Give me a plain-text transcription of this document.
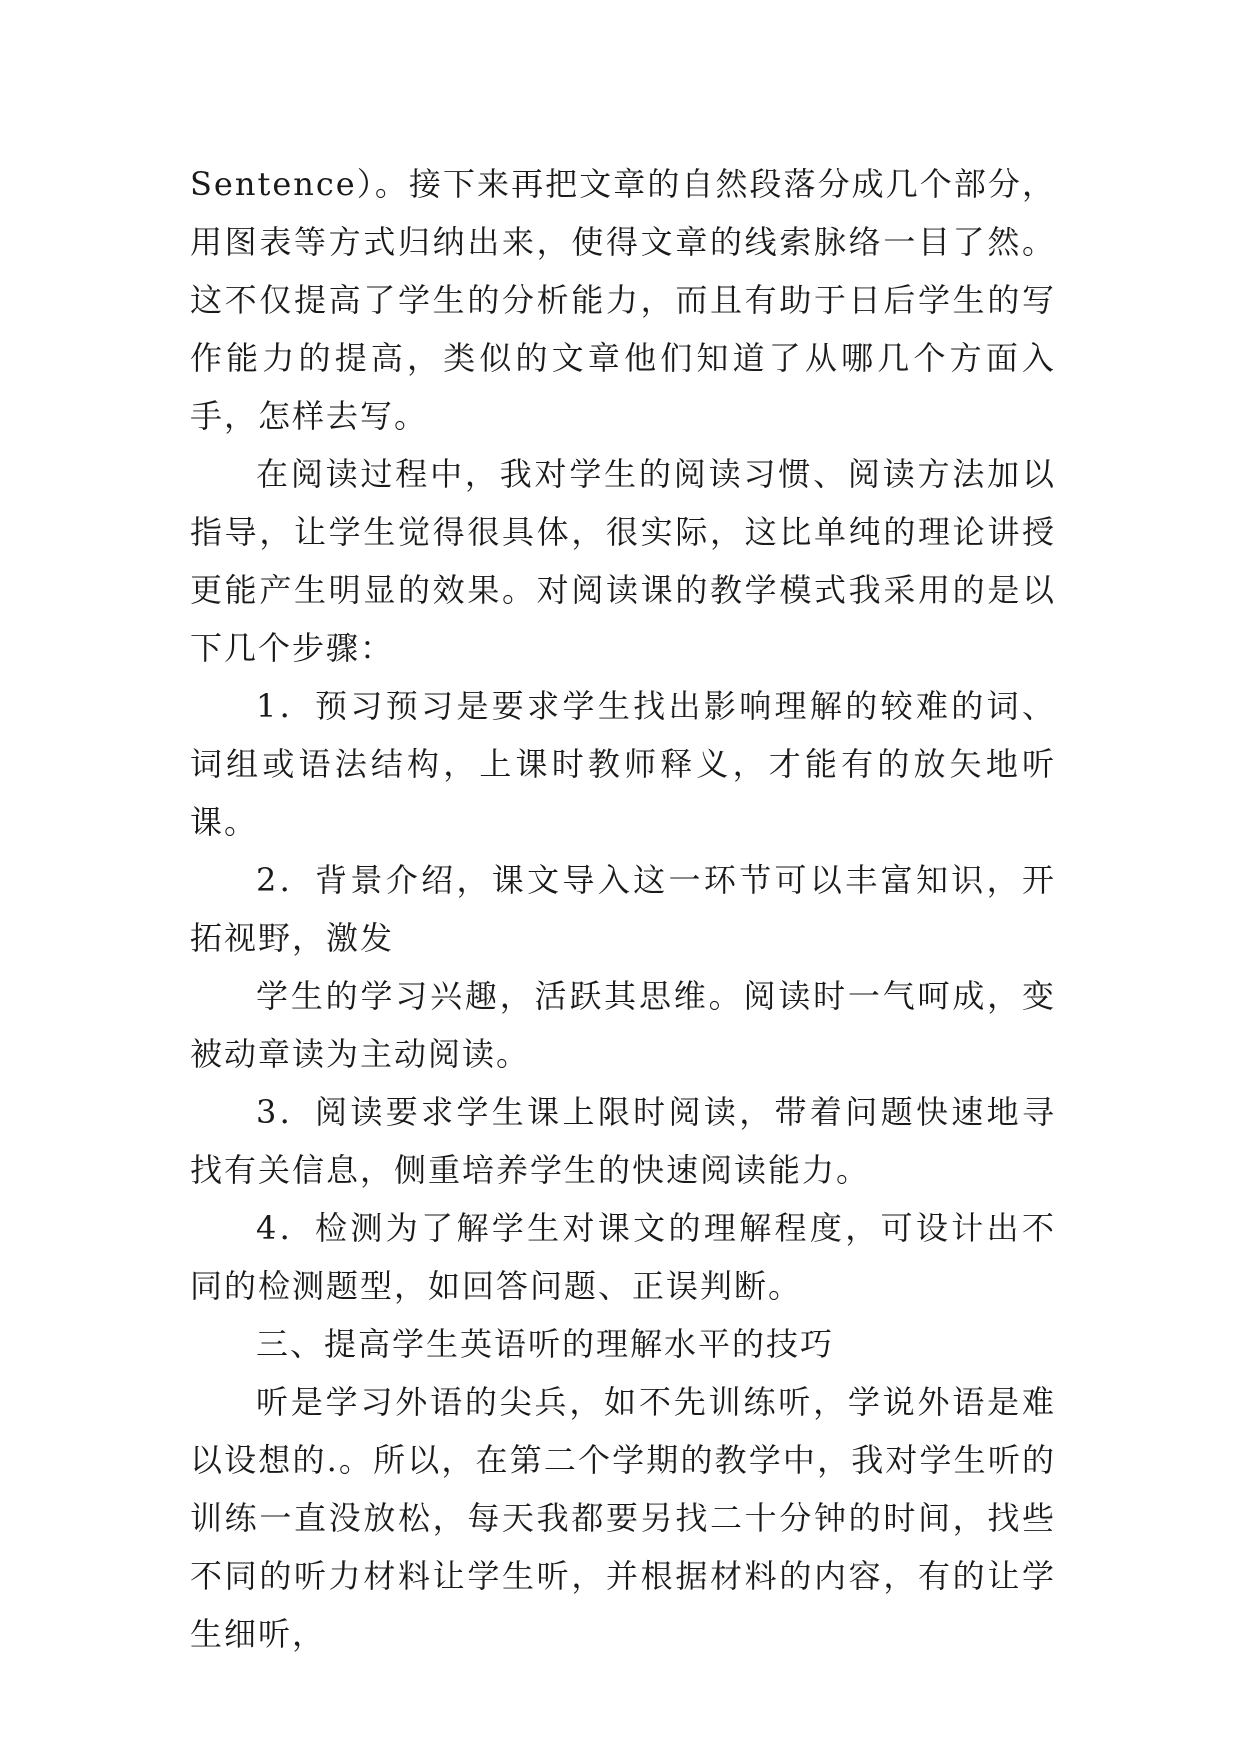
Sentence）。接下来再把文章的自然段落分成几个部分，用图表等方式归纳出来，使得文章的线索脉络一目了然。这不仅提高了学生的分析能力，而且有助于日后学生的写作能力的提高，类似的文章他们知道了从哪几个方面入手，怎样去写。

在阅读过程中，我对学生的阅读习惯、阅读方法加以指导，让学生觉得很具体，很实际，这比单纯的理论讲授更能产生明显的效果。对阅读课的教学模式我采用的是以下几个步骤：

1．预习预习是要求学生找出影响理解的较难的词、词组或语法结构，上课时教师释义，才能有的放矢地听课。

2．背景介绍，课文导入这一环节可以丰富知识，开拓视野，激发

学生的学习兴趣，活跃其思维。阅读时一气呵成，变被动章读为主动阅读。

3．阅读要求学生课上限时阅读，带着问题快速地寻找有关信息，侧重培养学生的快速阅读能力。

4．检测为了解学生对课文的理解程度，可设计出不同的检测题型，如回答问题、正误判断。

三、提高学生英语听的理解水平的技巧

听是学习外语的尖兵，如不先训练听，学说外语是难以设想的.。所以，在第二个学期的教学中，我对学生听的训练一直没放松，每天我都要另找二十分钟的时间，找些不同的听力材料让学生听，并根据材料的内容，有的让学生细听，
